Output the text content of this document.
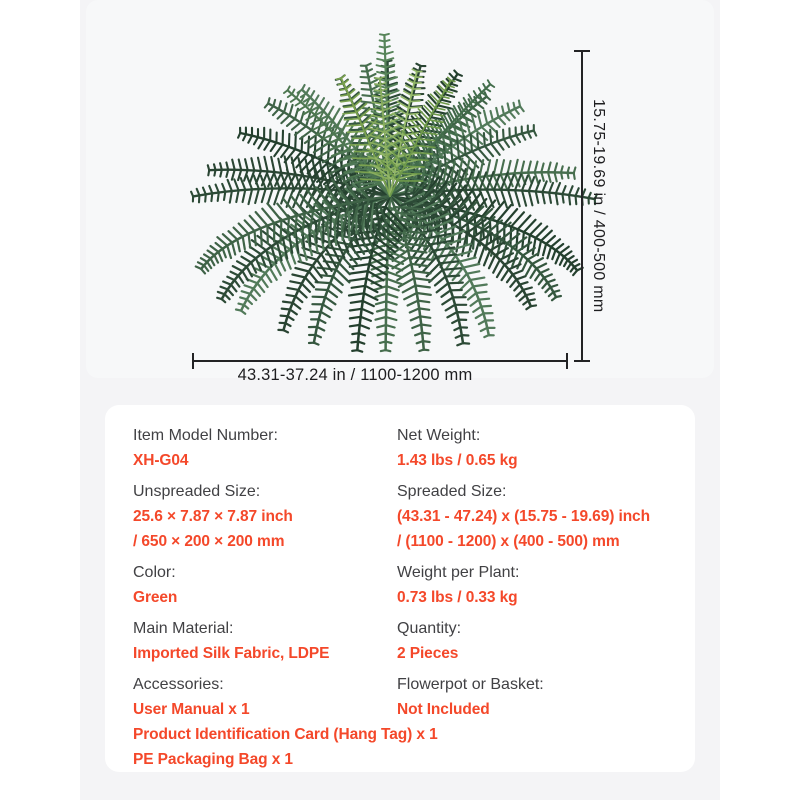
15.75-19.69 in / 400-500 mm
43.31-37.24 in / 1100-1200 mm
Item Model Number:
XH-G04
Net Weight:
1.43 lbs / 0.65 kg
Unspreaded Size:
25.6 × 7.87 × 7.87 inch
/ 650 × 200 × 200 mm
Spreaded Size:
(43.31 - 47.24) x (15.75 - 19.69) inch
/ (1100 - 1200) x (400 - 500) mm
Color:
Green
Weight per Plant:
0.73 lbs / 0.33 kg
Main Material:
Imported Silk Fabric, LDPE
Quantity:
2 Pieces
Accessories:
User Manual x 1
Product Identification Card (Hang Tag) x 1
PE Packaging Bag x 1
Flowerpot or Basket:
Not Included
